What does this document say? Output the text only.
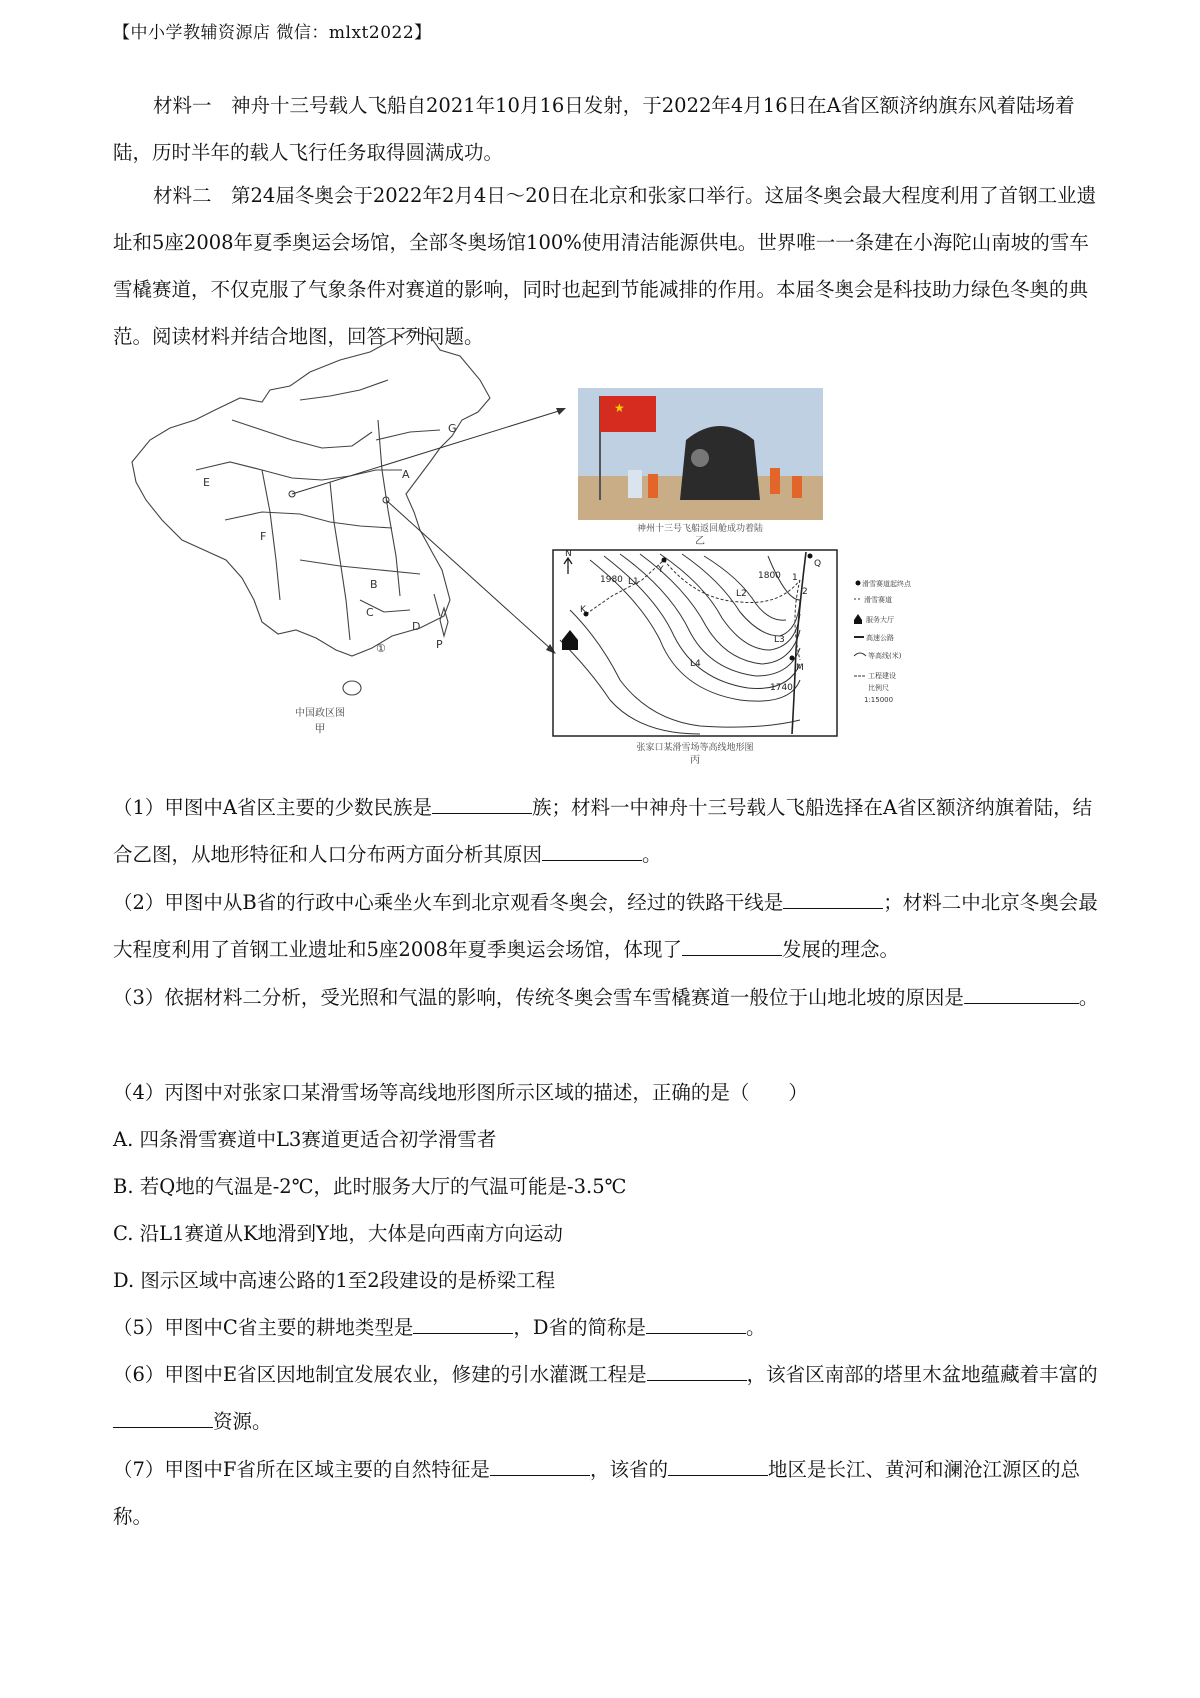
【中小学教辅资源店 微信：mlxt2022】
材料一　神舟十三号载人飞船自2021年10月16日发射，于2022年4月16日在A省区额济纳旗东风着陆场着陆，历时半年的载人飞行任务取得圆满成功。
材料二　第24届冬奥会于2022年2月4日～20日在北京和张家口举行。这届冬奥会最大程度利用了首钢工业遗址和5座2008年夏季奥运会场馆，全部冬奥场馆100%使用清洁能源供电。世界唯一一条建在小海陀山南坡的雪车雪橇赛道，不仅克服了气象条件对赛道的影响，同时也起到节能减排的作用。本届冬奥会是科技助力绿色冬奥的典范。阅读材料并结合地图，回答下列问题。
G
A
E
F
B
C
D
P
①
中国政区图
甲
★
神州十三号飞船返回舱成功着陆
乙
N
1980	1800
1740
Y
K
Q
M
L1
L2
L3
L4
1
2
滑雪赛道起终点
滑雪赛道
服务大厅
高速公路
等高线(米)
工程建设
比例尺
1:15000
张家口某滑雪场等高线地形图
丙
（1）甲图中A省区主要的少数民族是	族；材料一中神舟十三号载人飞船选择在A省区额济纳旗着陆，结合乙图，从地形特征和人口分布两方面分析其原因	。
（2）甲图中从B省的行政中心乘坐火车到北京观看冬奥会，经过的铁路干线是	；材料二中北京冬奥会最大程度利用了首钢工业遗址和5座2008年夏季奥运会场馆，体现了	发展的理念。
（3）依据材料二分析，受光照和气温的影响，传统冬奥会雪车雪橇赛道一般位于山地北坡的原因是	。
（4）丙图中对张家口某滑雪场等高线地形图所示区域的描述，正确的是（　　）
A. 四条滑雪赛道中L3赛道更适合初学滑雪者
B. 若Q地的气温是-2℃，此时服务大厅的气温可能是-3.5℃
C. 沿L1赛道从K地滑到Y地，大体是向西南方向运动
D. 图示区域中高速公路的1至2段建设的是桥梁工程
（5）甲图中C省主要的耕地类型是	，D省的简称是	。
（6）甲图中E省区因地制宜发展农业，修建的引水灌溉工程是	，该省区南部的塔里木盆地蕴藏着丰富的资源。
（7）甲图中F省所在区域主要的自然特征是	，该省的	地区是长江、黄河和澜沧江源区的总称。
